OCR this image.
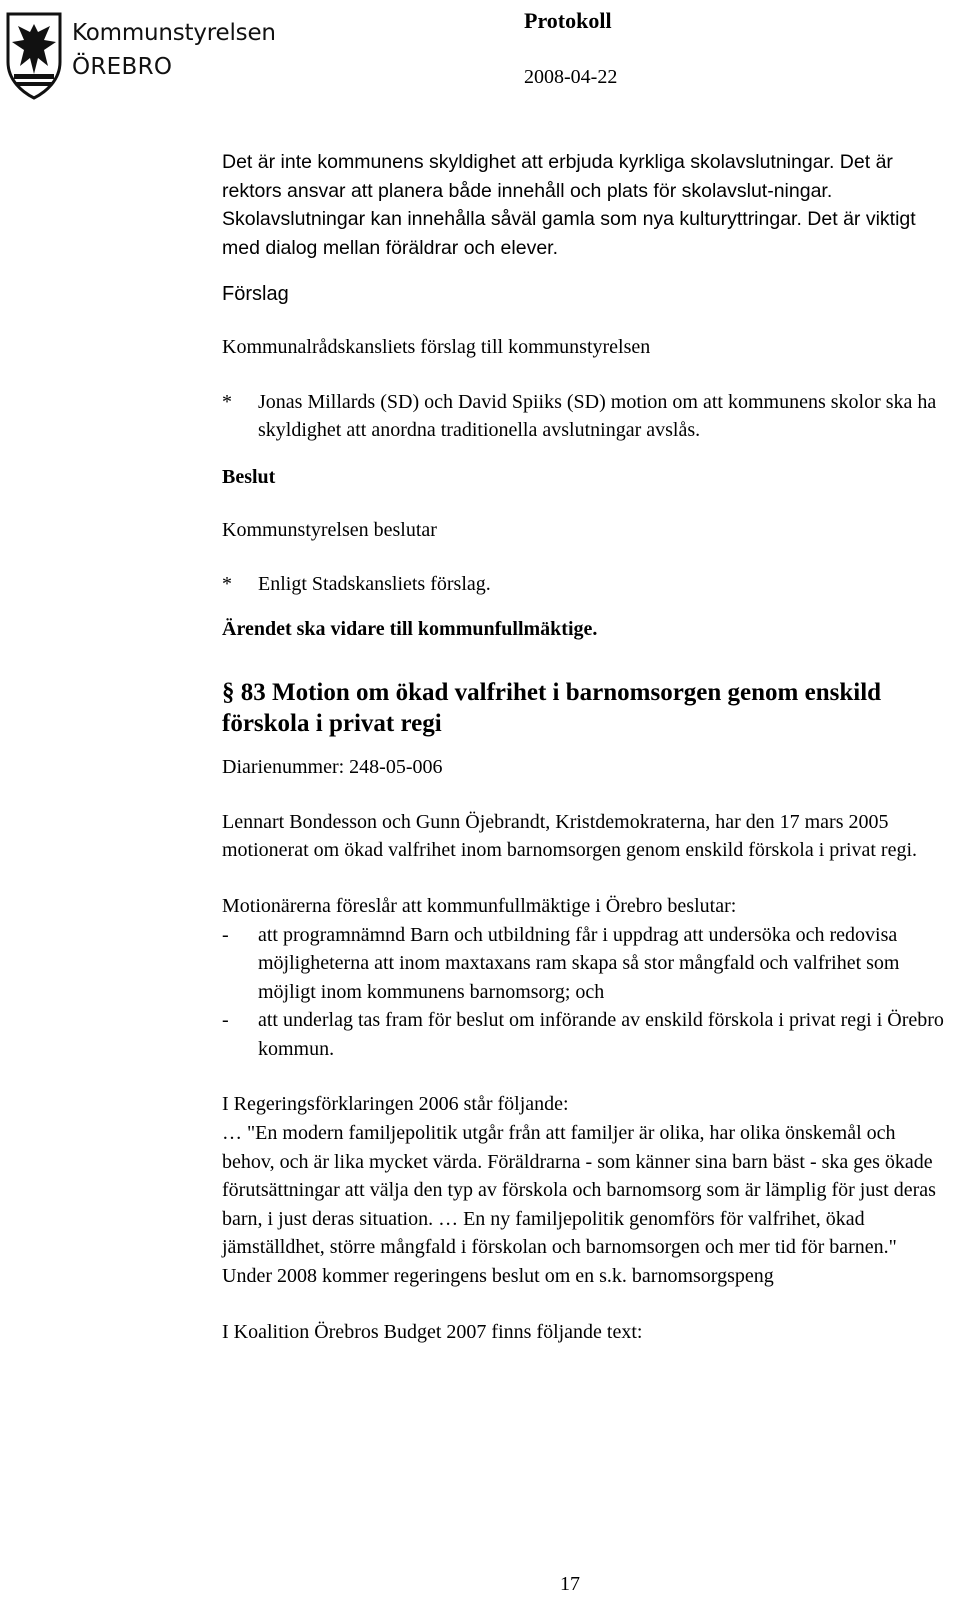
Kommunstyrelsen
ÖREBRO
Protokoll
2008-04-22

Det är inte kommunens skyldighet att erbjuda kyrkliga skolavslutningar. Det är rektors ansvar att planera både innehåll och plats för skolavslut-ningar. Skolavslutningar kan innehålla såväl gamla som nya kulturyttringar. Det är viktigt med dialog mellan föräldrar och elever.

Förslag

Kommunalrådskansliets förslag till kommunstyrelsen

*	Jonas Millards (SD) och David Spiiks (SD) motion om att kommunens skolor ska ha skyldighet att anordna traditionella avslutningar avslås.

Beslut

Kommunstyrelsen beslutar

*	Enligt Stadskansliets förslag.

Ärendet ska vidare till kommunfullmäktige.

§ 83 Motion om ökad valfrihet i barnomsorgen genom enskild förskola i privat regi

Diarienummer: 248-05-006

Lennart Bondesson och Gunn Öjebrandt, Kristdemokraterna, har den 17 mars 2005 motionerat om ökad valfrihet inom barnomsorgen genom enskild förskola i privat regi.

Motionärerna föreslår att kommunfullmäktige i Örebro beslutar:

-	att programnämnd Barn och utbildning får i uppdrag att undersöka och redovisa möjligheterna att inom maxtaxans ram skapa så stor mångfald och valfrihet som möjligt inom kommunens barnomsorg; och
-	att underlag tas fram för beslut om införande av enskild förskola i privat regi i Örebro kommun.

I Regeringsförklaringen 2006 står följande:

… "En modern familjepolitik utgår från att familjer är olika, har olika önskemål och behov, och är lika mycket värda. Föräldrarna - som känner sina barn bäst - ska ges ökade förutsättningar att välja den typ av förskola och barnomsorg som är lämplig för just deras barn, i just deras situation. … En ny familjepolitik genomförs för valfrihet, ökad jämställdhet, större mångfald i förskolan och barnomsorgen och mer tid för barnen." Under 2008 kommer regeringens beslut om en s.k. barnomsorgspeng

I Koalition Örebros Budget 2007 finns följande text:

17
